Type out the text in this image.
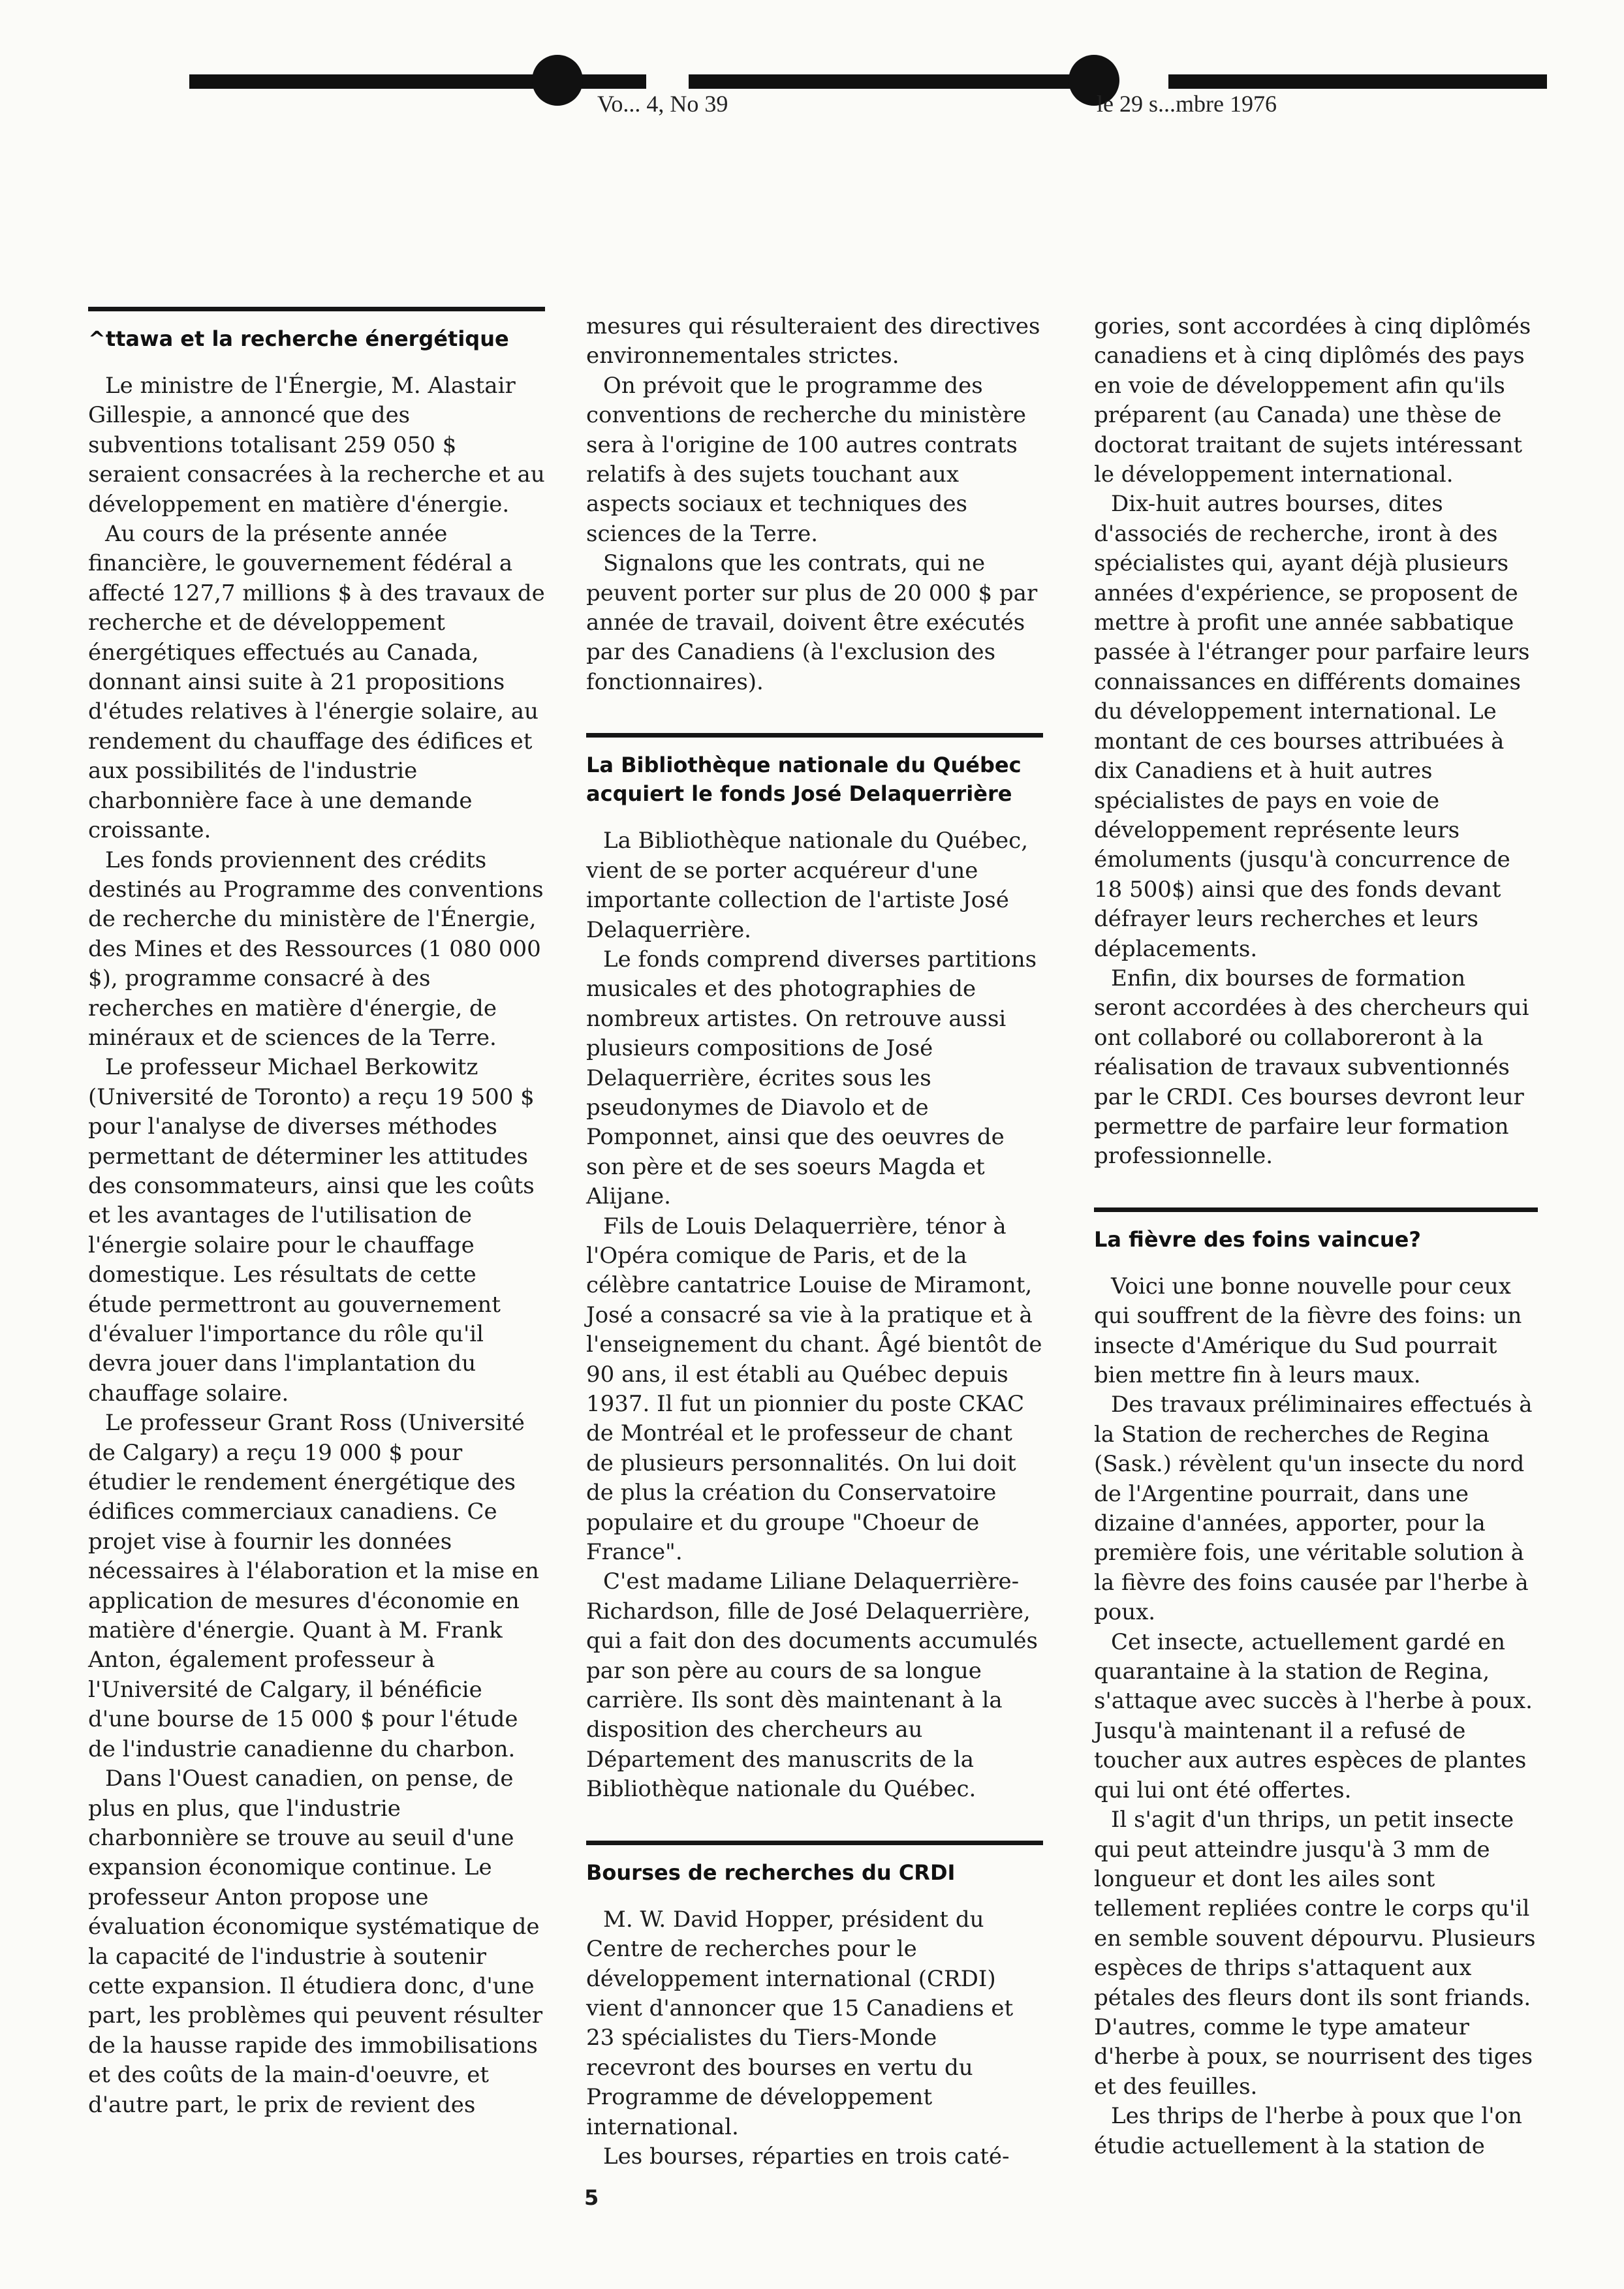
Vo... 4, No 39	le 29 s...mbre 1976
^ttawa et la recherche énergétique

Le ministre de l'Énergie, M. Alastair Gillespie, a annoncé que des subventions totalisant 259 050 $ seraient consacrées à la recherche et au développement en matière d'énergie.

Au cours de la présente année financière, le gouvernement fédéral a affecté 127,7 millions $ à des travaux de recherche et de développement énergétiques effectués au Canada, donnant ainsi suite à 21 propositions d'études relatives à l'énergie solaire, au rendement du chauffage des édifices et aux possibilités de l'industrie charbonnière face à une demande croissante.

Les fonds proviennent des crédits destinés au Programme des conventions de recherche du ministère de l'Énergie, des Mines et des Ressources (1 080 000 $), programme consacré à des recherches en matière d'énergie, de minéraux et de sciences de la Terre.

Le professeur Michael Berkowitz (Université de Toronto) a reçu 19 500 $ pour l'analyse de diverses méthodes permettant de déterminer les attitudes des consommateurs, ainsi que les coûts et les avantages de l'utilisation de l'énergie solaire pour le chauffage domestique. Les résultats de cette étude permettront au gouvernement d'évaluer l'importance du rôle qu'il devra jouer dans l'implantation du chauffage solaire.

Le professeur Grant Ross (Université de Calgary) a reçu 19 000 $ pour étudier le rendement énergétique des édifices commerciaux canadiens. Ce projet vise à fournir les données nécessaires à l'élaboration et la mise en application de mesures d'économie en matière d'énergie. Quant à M. Frank Anton, également professeur à l'Université de Calgary, il bénéficie d'une bourse de 15 000 $ pour l'étude de l'industrie canadienne du charbon.

Dans l'Ouest canadien, on pense, de plus en plus, que l'industrie charbonnière se trouve au seuil d'une expansion économique continue. Le professeur Anton propose une évaluation économique systématique de la capacité de l'industrie à soutenir cette expansion. Il étudiera donc, d'une part, les problèmes qui peuvent résulter de la hausse rapide des immobilisations et des coûts de la main-d'oeuvre, et d'autre part, le prix de revient des

mesures qui résulteraient des directives environnementales strictes.

On prévoit que le programme des conventions de recherche du ministère sera à l'origine de 100 autres contrats relatifs à des sujets touchant aux aspects sociaux et techniques des sciences de la Terre.

Signalons que les contrats, qui ne peuvent porter sur plus de 20 000 $ par année de travail, doivent être exécutés par des Canadiens (à l'exclusion des fonctionnaires).

La Bibliothèque nationale du Québec acquiert le fonds José Delaquerrière

La Bibliothèque nationale du Québec, vient de se porter acquéreur d'une importante collection de l'artiste José Delaquerrière.

Le fonds comprend diverses partitions musicales et des photographies de nombreux artistes. On retrouve aussi plusieurs compositions de José Delaquerrière, écrites sous les pseudonymes de Diavolo et de Pomponnet, ainsi que des oeuvres de son père et de ses soeurs Magda et Alijane.

Fils de Louis Delaquerrière, ténor à l'Opéra comique de Paris, et de la célèbre cantatrice Louise de Miramont, José a consacré sa vie à la pratique et à l'enseignement du chant. Âgé bientôt de 90 ans, il est établi au Québec depuis 1937. Il fut un pionnier du poste CKAC de Montréal et le professeur de chant de plusieurs personnalités. On lui doit de plus la création du Conservatoire populaire et du groupe "Choeur de France".

C'est madame Liliane Delaquerrière-Richardson, fille de José Delaquerrière, qui a fait don des documents accumulés par son père au cours de sa longue carrière. Ils sont dès maintenant à la disposition des chercheurs au Département des manuscrits de la Bibliothèque nationale du Québec.

Bourses de recherches du CRDI

M. W. David Hopper, président du Centre de recherches pour le développement international (CRDI) vient d'annoncer que 15 Canadiens et 23 spécialistes du Tiers-Monde recevront des bourses en vertu du Programme de développement international.

Les bourses, réparties en trois caté-

gories, sont accordées à cinq diplômés canadiens et à cinq diplômés des pays en voie de développement afin qu'ils préparent (au Canada) une thèse de doctorat traitant de sujets intéressant le développement international.

Dix-huit autres bourses, dites d'associés de recherche, iront à des spécialistes qui, ayant déjà plusieurs années d'expérience, se proposent de mettre à profit une année sabbatique passée à l'étranger pour parfaire leurs connaissances en différents domaines du développement international. Le montant de ces bourses attribuées à dix Canadiens et à huit autres spécialistes de pays en voie de développement représente leurs émoluments (jusqu'à concurrence de 18 500$) ainsi que des fonds devant défrayer leurs recherches et leurs déplacements.

Enfin, dix bourses de formation seront accordées à des chercheurs qui ont collaboré ou collaboreront à la réalisation de travaux subventionnés par le CRDI. Ces bourses devront leur permettre de parfaire leur formation professionnelle.

La fièvre des foins vaincue?

Voici une bonne nouvelle pour ceux qui souffrent de la fièvre des foins: un insecte d'Amérique du Sud pourrait bien mettre fin à leurs maux.

Des travaux préliminaires effectués à la Station de recherches de Regina (Sask.) révèlent qu'un insecte du nord de l'Argentine pourrait, dans une dizaine d'années, apporter, pour la première fois, une véritable solution à la fièvre des foins causée par l'herbe à poux.

Cet insecte, actuellement gardé en quarantaine à la station de Regina, s'attaque avec succès à l'herbe à poux. Jusqu'à maintenant il a refusé de toucher aux autres espèces de plantes qui lui ont été offertes.

Il s'agit d'un thrips, un petit insecte qui peut atteindre jusqu'à 3 mm de longueur et dont les ailes sont tellement repliées contre le corps qu'il en semble souvent dépourvu. Plusieurs espèces de thrips s'attaquent aux pétales des fleurs dont ils sont friands. D'autres, comme le type amateur d'herbe à poux, se nourrisent des tiges et des feuilles.

Les thrips de l'herbe à poux que l'on étudie actuellement à la station de

5
